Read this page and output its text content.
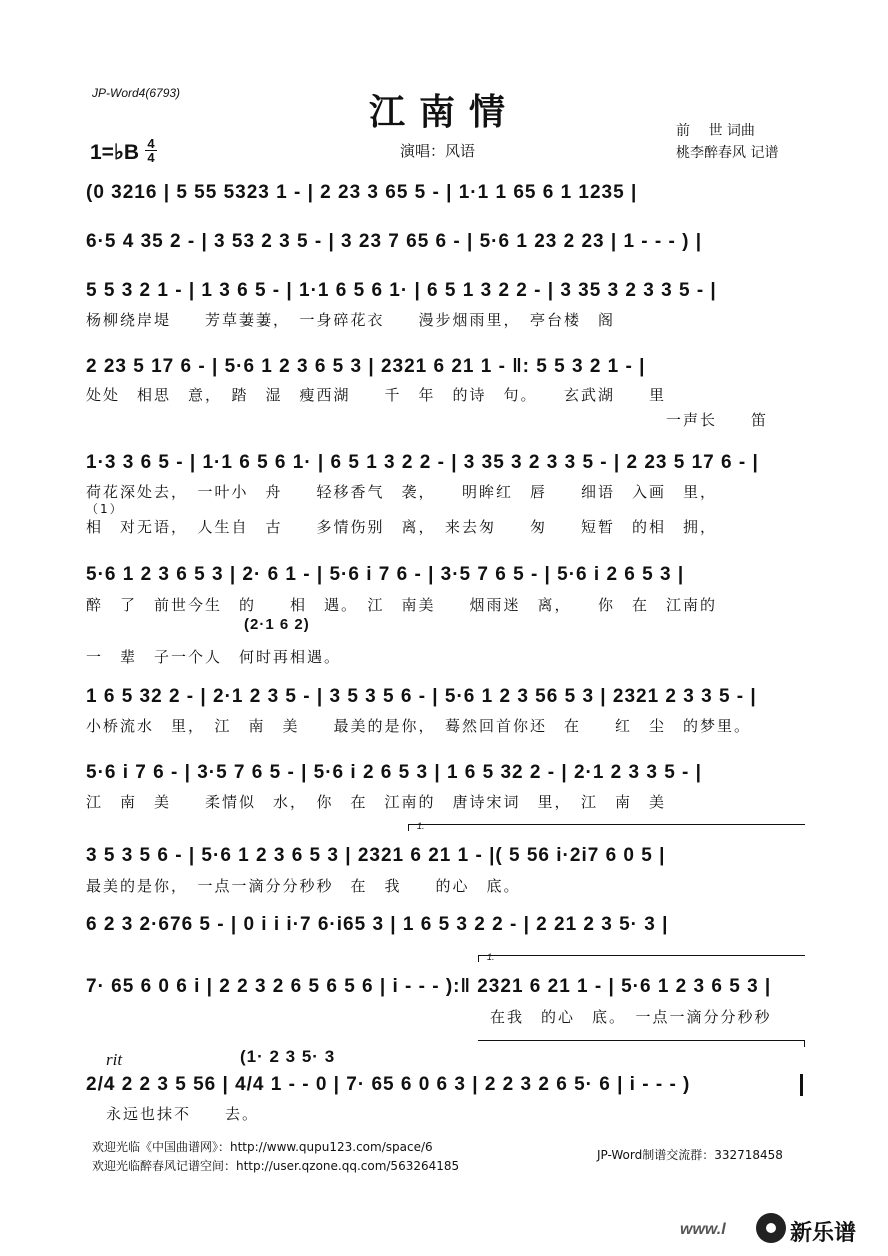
JP-Word4(6793)	江南情
1=♭B 4
4	演唱：风语
前　 世 词曲
桃李醉春风 记谱
(0 3216 | 5 55 5323 1 - | 2 23 3 65 5 - | 1·1 1 65 6 1 1235 |
6·5 4 35 2 - | 3 53 2 3 5 - | 3 23 7 65 6 - | 5·6 1 23 2 23 | 1 - - - ) |
5 5 3 2 1 - | 1 3 6 5 - | 1·1 6 5 6 1· | 6 5 1 3 2 2 - | 3 35 3 2 3 3 5 - |
杨柳绕岸堤　　芳草萋萋，　一身碎花衣　　漫步烟雨里，　亭台楼　阁
2 23 5 17 6 - | 5·6 1 2 3 6 5 3 | 2321 6 21 1 - ‖: 5 5 3 2 1 - |
处处　相思　意，　踏　湿　瘦西湖　　千　年　的诗　句。　　玄武湖　　里
一声长　　笛
1·3 3 6 5 - | 1·1 6 5 6 1· | 6 5 1 3 2 2 - | 3 35 3 2 3 3 5 - | 2 23 5 17 6 - |
荷花深处去，　一叶小　舟　　轻移香气　袭，　　明眸红　唇　　细语　入画　里，
（1）
相　对无语，　人生自　古　　多情伤别　离，　来去匆　　匆　　短暂　的相　拥，
5·6 1 2 3 6 5 3 | 2· 6 1 - | 5·6 i 7 6 - | 3·5 7 6 5 - | 5·6 i 2 6 5 3 |
醉　了　前世今生　的　　相　遇。　江　南美　　烟雨迷　离，　　你　在　江南的
(2·1 6 2)
一　辈　子一个人　何时再相遇。
1 6 5 32 2 - | 2·1 2 3 5 - | 3 5 3 5 6 - | 5·6 1 2 3 56 5 3 | 2321 2 3 3 5 - |
小桥流水　里，　江　南　美　　最美的是你，　蓦然回首你还　在　　红　尘　的梦里。
5·6 i 7 6 - | 3·5 7 6 5 - | 5·6 i 2 6 5 3 | 1 6 5 32 2 - | 2·1 2 3 3 5 - |
江　南　美　　柔情似　水，　你　在　江南的　唐诗宋词　里，　江　南　美
1.
3 5 3 5 6 - | 5·6 1 2 3 6 5 3 | 2321 6 21 1 - |( 5 56 i·2i7 6 0 5 |
最美的是你，　一点一滴分分秒秒　在　我　　的心　底。
6 2 3 2·676 5 - | 0 i i i·7 6·i65 3 | 1 6 5 3 2 2 - | 2 21 2 3 5· 3 |
1.
7· 65 6 0 6 i | 2 2 3 2 6 5 6 5 6 | i - - - ):‖ 2321 6 21 1 - | 5·6 1 2 3 6 5 3 |
在我　的心　底。　一点一滴分分秒秒
rit	(1· 2 3 5· 3
2/4 2 2 3 5 56 | 4/4 1 - - 0 | 7· 65 6 0 6 3 | 2 2 3 2 6 5· 6 | i - - - )
永远也抹不　　去。
欢迎光临《中国曲谱网》：http://www.qupu123.com/space/6
欢迎光临醉春风记谱空间：http://user.qzone.qq.com/563264185
JP-Word制谱交流群：332718458
www.l	新乐谱
